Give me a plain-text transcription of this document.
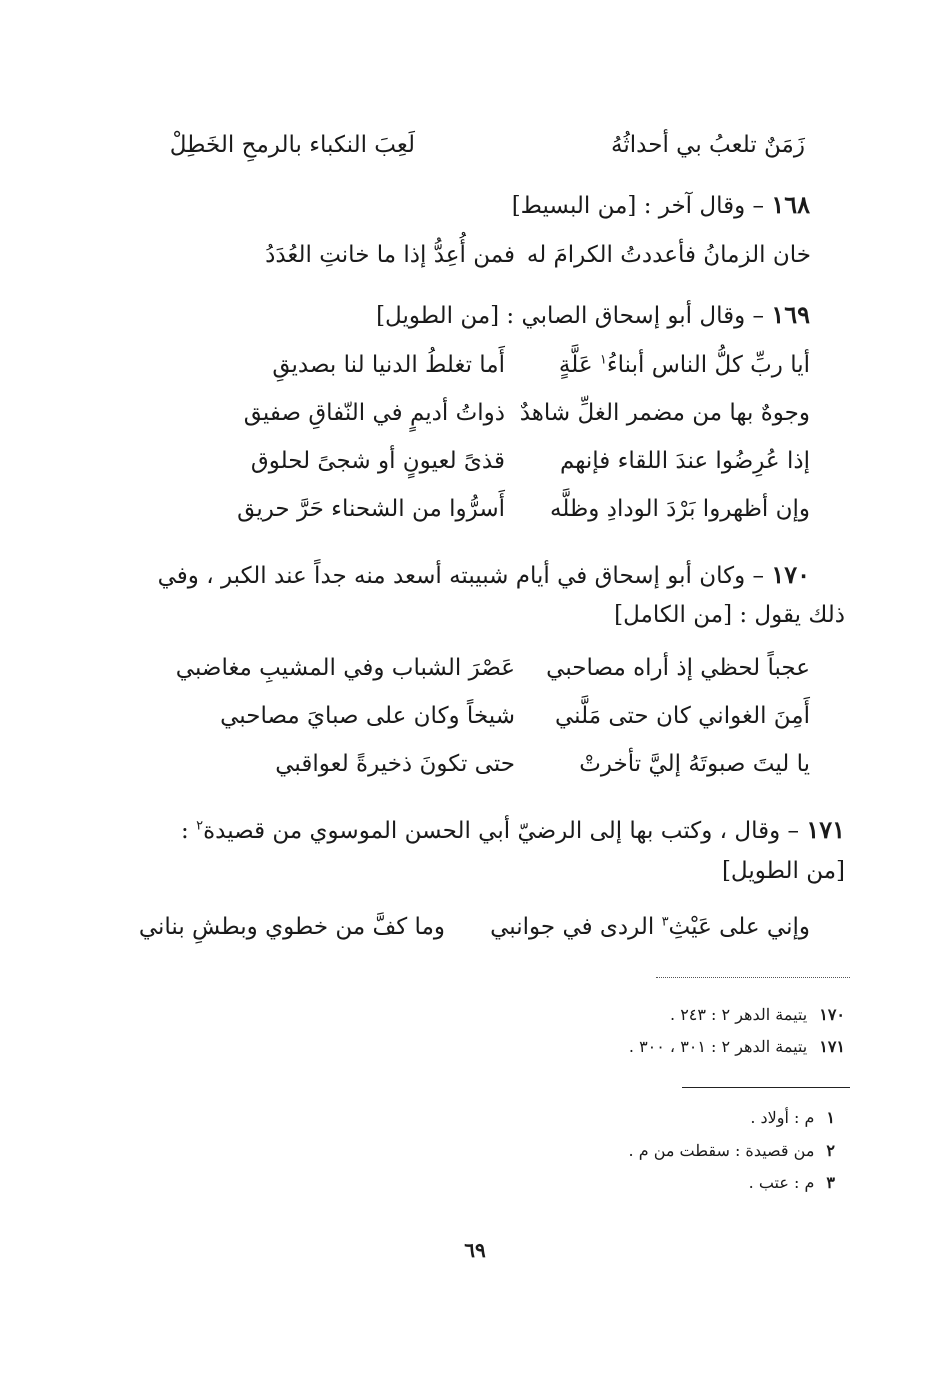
زَمَنٌ تلعبُ بي أحداثُهُ
لَعِبَ النكباء بالرمحِ الخَطِلْ
١٦٨ – وقال آخر : [من البسيط]
خان الزمانُ فأعددتُ الكرامَ له
فمن أُعِدُّ إذا ما خانتِ العُدَدُ
١٦٩ – وقال أبو إسحاق الصابي : [من الطويل]
أيا ربِّ كلُّ الناس أبناءُ$^١$ عَلَّةٍ
أَما تغلطُ الدنيا لنا بصديقِ
وجوهٌ بها من مضمر الغلِّ شاهدٌ
ذواتُ أديمٍ في النّفاقِ صفيق
إذا عُرِضُوا عندَ اللقاء فإنهم
قذىً لعيونٍ أو شجىً لحلوق
وإن أظهروا بَرْدَ الودادِ وظلَّه
أَسرُّوا من الشحناء حَرَّ حريق
١٧٠ – وكان أبو إسحاق في أيام شبيبته أسعد منه جداً عند الكبر ، وفي
ذلك يقول : [من الكامل]
عجباً لحظي إذ أراه مصاحبي
عَصْرَ الشباب وفي المشيبِ مغاضبي
أَمِنَ الغواني كان حتى مَلَّني
شيخاً وكان على صبايَ مصاحبي
يا ليتَ صبوتَهُ إليَّ تأخرتْ
حتى تكونَ ذخيرةً لعواقبي
١٧١ – وقال ، وكتب بها إلى الرضيّ أبي الحسن الموسوي من قصيدة$^٢$ :
[من الطويل]
وإني على عَيْثِ$^٣$ الردى في جوانبي
وما كفَّ من خطوي وبطشِ بناني
١٧٠يتيمة الدهر ٢ : ٢٤٣ .
١٧١يتيمة الدهر ٢ : ٣٠١ ، ٣٠٠ .
١م : أولاد .
٢من قصيدة : سقطت من م .
٣م : عتب .
٦٩
